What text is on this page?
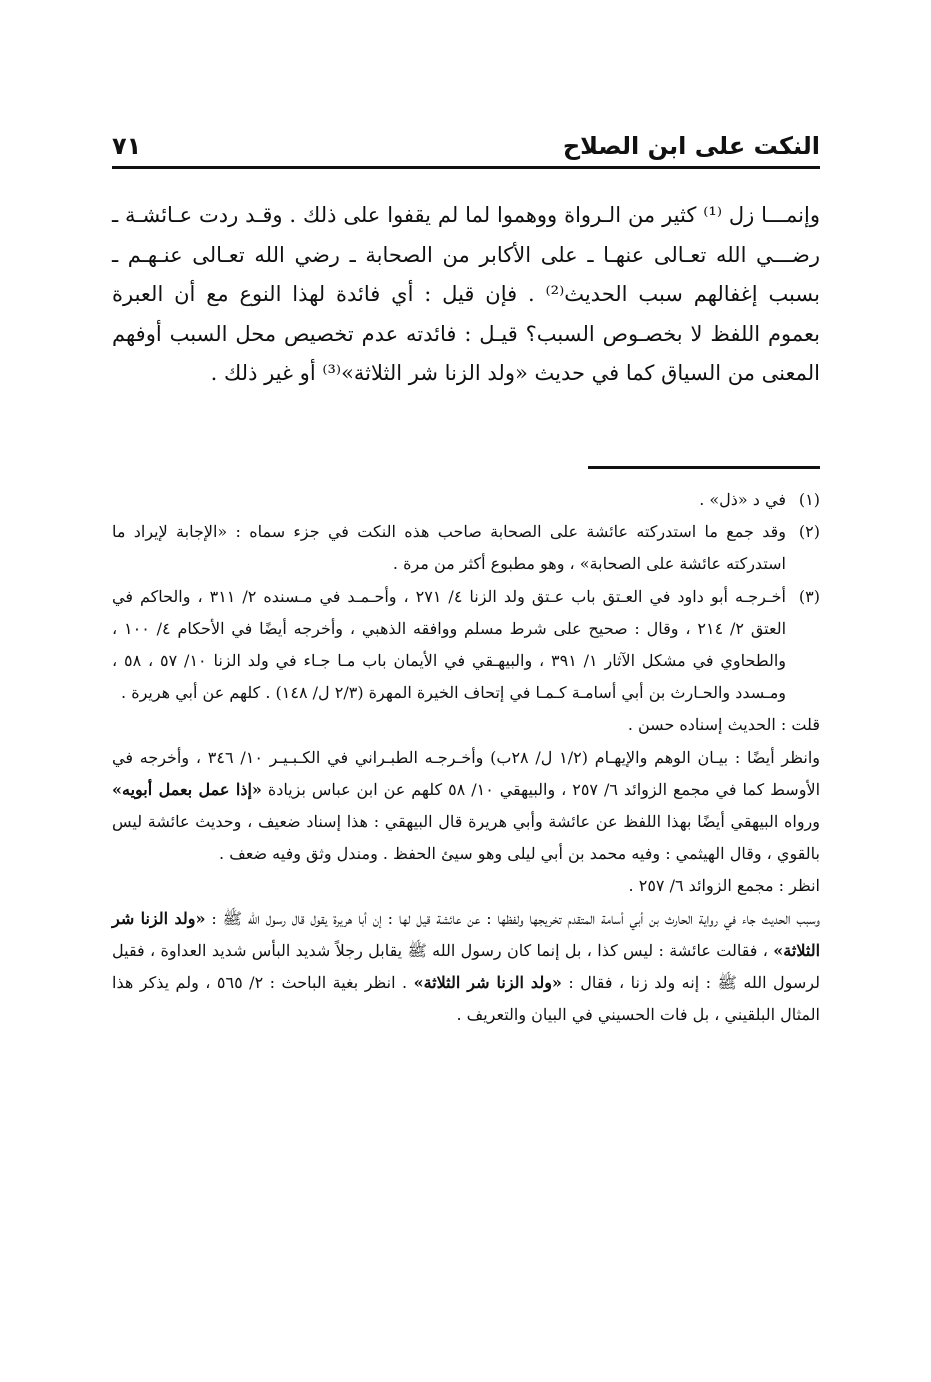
النكت على ابن الصلاح
٧١
وإنمـــا زل ⁽¹⁾ كثير من الـرواة ووهموا لما لم يقفوا على ذلك . وقـد ردت عـائشـة ـ رضـــي الله تعـالى عنهـا ـ على الأكابر من الصحابة ـ رضي الله تعـالى عنـهـم ـ بسبب إغفالهم سبب الحديث⁽²⁾ . فإن قيل : أي فائدة لهذا النوع مع أن العبرة بعموم اللفظ لا بخصـوص السبب؟ قيـل : فائدته عدم تخصيص محل السبب أوفهم المعنى من السياق كما في حديث «ولد الزنا شر الثلاثة»⁽³⁾ أو غير ذلك .
(١)
في د «ذل» .
(٢)
وقد جمع ما استدركته عائشة على الصحابة صاحب هذه النكت في جزء سماه : «الإجابة لإيراد ما استدركته عائشة على الصحابة» ، وهو مطبوع أكثر من مرة .
(٣)

أخـرجـه أبو داود في العـتق باب عـتق ولد الزنا ٤/ ٢٧١ ، وأحـمـد في مـسنده ٢/ ٣١١ ، والحاكم في العتق ٢/ ٢١٤ ، وقال : صحيح على شرط مسلم ووافقه الذهبي ، وأخرجه أيضًا في الأحكام ٤/ ١٠٠ ، والطحاوي في مشكل الآثار ١/ ٣٩١ ، والبيهـقي في الأيمان باب مـا جـاء في ولد الزنا ١٠/ ٥٧ ، ٥٨ ، ومـسدد والحـارث بن أبي أسامـة كـمـا في إتحاف الخيرة المهرة (٢/٣ ل/ ١٤٨) . كلهم عن أبي هريرة .

قلت : الحديث إسناده حسن .

وانظر أيضًا : بيـان الوهم والإيهـام (١/٢ ل/ ٢٨ب) وأخـرجـه الطبـراني في الكـبـيـر ١٠/ ٣٤٦ ، وأخرجه في الأوسط كما في مجمع الزوائد ٦/ ٢٥٧ ، والبيهقي ١٠/ ٥٨ كلهم عن ابن عباس بزيادة «إذا عمل بعمل أبويه» ورواه البيهقي أيضًا بهذا اللفظ عن عائشة وأبي هريرة قال البيهقي : هذا إسناد ضعيف ، وحديث عائشة ليس بالقوي ، وقال الهيثمي : وفيه محمد بن أبي ليلى وهو سيئ الحفظ . ومندل وثق وفيه ضعف .

انظر : مجمع الزوائد ٦/ ٢٥٧ .

وسبب الحديث جاء في رواية الحارث بن أبي أسامة المتقدم تخريجها ولفظها : عن عائشة قيل لها : إن أبا هريرة يقول قال رسول الله ﷺ : «ولد الزنا شر الثلاثة» ، فقالت عائشة : ليس كذا ، بل إنما كان رسول الله ﷺ يقابل رجلاً شديد البأس شديد العداوة ، فقيل لرسول الله ﷺ : إنه ولد زنا ، فقال : «ولد الزنا شر الثلاثة» . انظر بغية الباحث : ٢/ ٥٦٥ ، ولم يذكر هذا المثال البلقيني ، بل فات الحسيني في البيان والتعريف .
